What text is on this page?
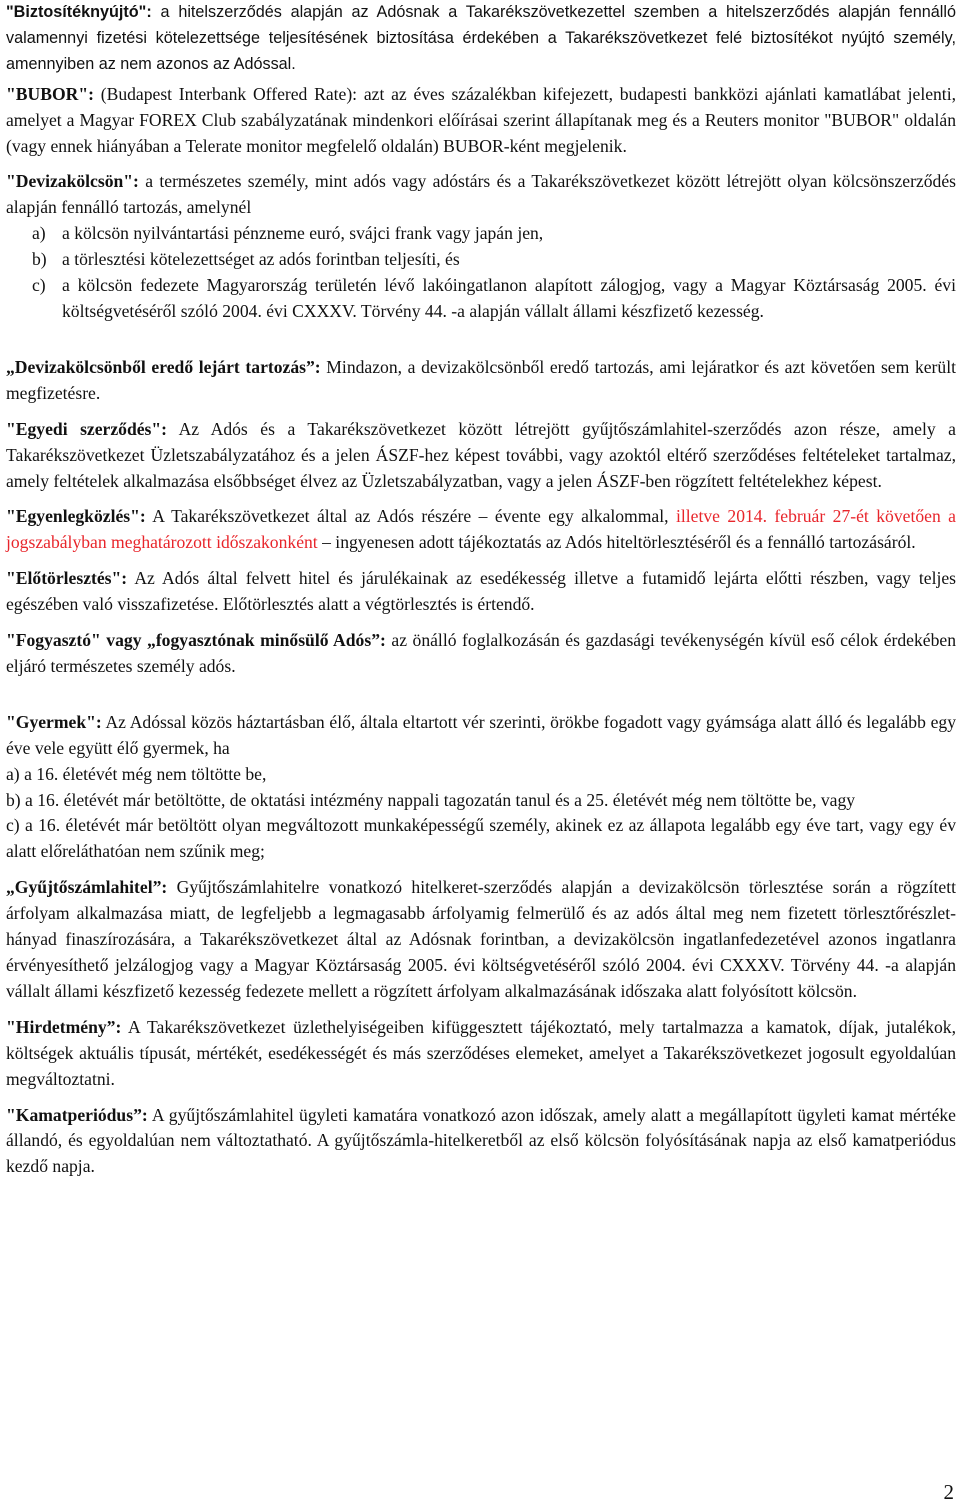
"Biztosítéknyújtó": a hitelszerződés alapján az Adósnak a Takarékszövetkezettel szemben a hitelszerződés alapján fennálló valamennyi fizetési kötelezettsége teljesítésének biztosítása érdekében a Takarékszövetkezet felé biztosítékot nyújtó személy, amennyiben az nem azonos az Adóssal.

"BUBOR": (Budapest Interbank Offered Rate): azt az éves százalékban kifejezett, budapesti bankközi ajánlati kamatlábat jelenti, amelyet a Magyar FOREX Club szabályzatának mindenkori előírásai szerint állapítanak meg és a Reuters monitor "BUBOR" oldalán (vagy ennek hiányában a Telerate monitor megfelelő oldalán) BUBOR-ként megjelenik.

"Devizakölcsön": a természetes személy, mint adós vagy adóstárs és a Takarékszövetkezet között létrejött olyan kölcsönszerződés alapján fennálló tartozás, amelynél

a) a kölcsön nyilvántartási pénzneme euró, svájci frank vagy japán jen,
b) a törlesztési kötelezettséget az adós forintban teljesíti, és
c) a kölcsön fedezete Magyarország területén lévő lakóingatlanon alapított zálogjog, vagy a Magyar Köztársaság 2005. évi költségvetéséről szóló 2004. évi CXXXV. Törvény 44. -a alapján vállalt állami készfizető kezesség.

„Devizakölcsönből eredő lejárt tartozás”: Mindazon, a devizakölcsönből eredő tartozás, ami lejáratkor és azt követően sem került megfizetésre.

"Egyedi szerződés": Az Adós és a Takarékszövetkezet között létrejött gyűjtőszámlahitel-szerződés azon része, amely a Takarékszövetkezet Üzletszabályzatához és a jelen ÁSZF-hez képest további, vagy azoktól eltérő szerződéses feltételeket tartalmaz, amely feltételek alkalmazása elsőbbséget élvez az Üzletszabályzatban, vagy a jelen ÁSZF-ben rögzített feltételekhez képest.

"Egyenlegközlés": A Takarékszövetkezet által az Adós részére – évente egy alkalommal, illetve 2014. február 27-ét követően a jogszabályban meghatározott időszakonként – ingyenesen adott tájékoztatás az Adós hiteltörlesztéséről és a fennálló tartozásáról.

"Előtörlesztés": Az Adós által felvett hitel és járulékainak az esedékesség illetve a futamidő lejárta előtti részben, vagy teljes egészében való visszafizetése. Előtörlesztés alatt a végtörlesztés is értendő.

"Fogyasztó" vagy „fogyasztónak minősülő Adós”: az önálló foglalkozásán és gazdasági tevékenységén kívül eső célok érdekében eljáró természetes személy adós.

"Gyermek": Az Adóssal közös háztartásban élő, általa eltartott vér szerinti, örökbe fogadott vagy gyámsága alatt álló és legalább egy éve vele együtt élő gyermek, ha

a) a 16. életévét még nem töltötte be,

b) a 16. életévét már betöltötte, de oktatási intézmény nappali tagozatán tanul és a 25. életévét még nem töltötte be, vagy

c) a 16. életévét már betöltött olyan megváltozott munkaképességű személy, akinek ez az állapota legalább egy éve tart, vagy egy év alatt előreláthatóan nem szűnik meg;

„Gyűjtőszámlahitel”: Gyűjtőszámlahitelre vonatkozó hitelkeret-szerződés alapján a devizakölcsön törlesztése során a rögzített árfolyam alkalmazása miatt, de legfeljebb a legmagasabb árfolyamig felmerülő és az adós által meg nem fizetett törlesztőrészlet-hányad finaszírozására, a Takarékszövetkezet által az Adósnak forintban, a devizakölcsön ingatlanfedezetével azonos ingatlanra érvényesíthető jelzálogjog vagy a Magyar Köztársaság 2005. évi költségvetéséről szóló 2004. évi CXXXV. Törvény 44. -a alapján vállalt állami készfizető kezesség fedezete mellett a rögzített árfolyam alkalmazásának időszaka alatt folyósított kölcsön.

"Hirdetmény”: A Takarékszövetkezet üzlethelyiségeiben kifüggesztett tájékoztató, mely tartalmazza a kamatok, díjak, jutalékok, költségek aktuális típusát, mértékét, esedékességét és más szerződéses elemeket, amelyet a Takarékszövetkezet jogosult egyoldalúan megváltoztatni.

"Kamatperiódus”: A gyűjtőszámlahitel ügyleti kamatára vonatkozó azon időszak, amely alatt a megállapított ügyleti kamat mértéke állandó, és egyoldalúan nem változtatható. A gyűjtőszámla-hitelkeretből az első kölcsön folyósításának napja az első kamatperiódus kezdő napja.

2
